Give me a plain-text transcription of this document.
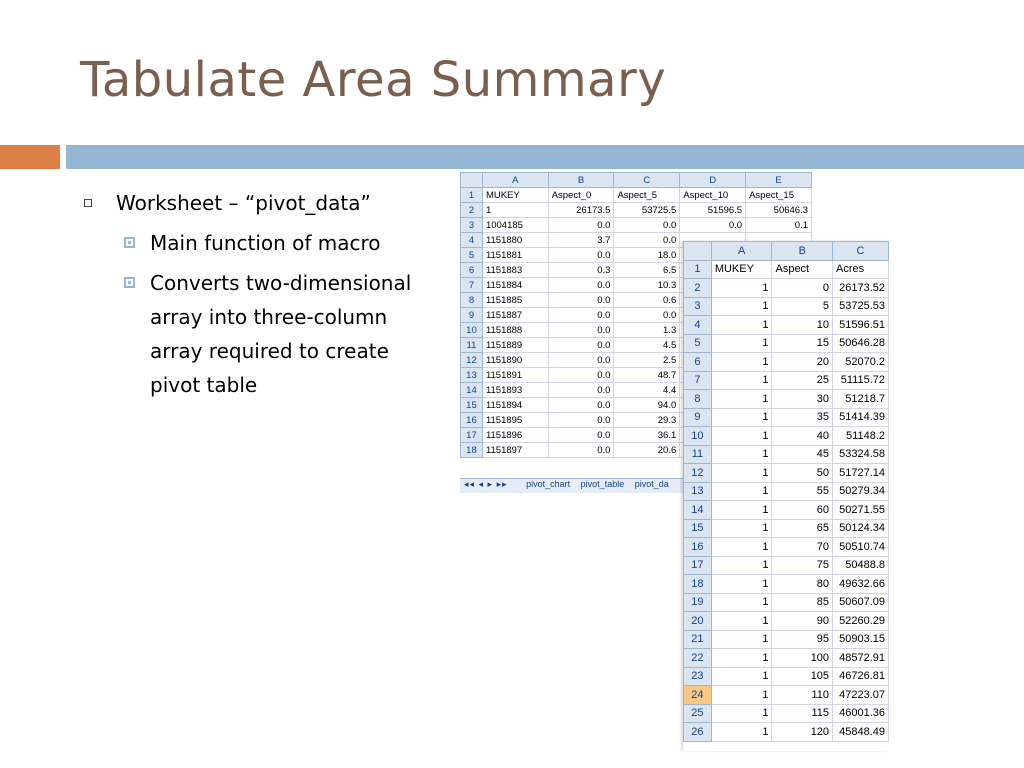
Tabulate Area Summary
Worksheet – “pivot_data”
Main function of macro
Converts two-dimensional array into three-column array required to create pivot table
	A	B	C	D	E
1	MUKEY	Aspect_0	Aspect_5	Aspect_10	Aspect_15
2	1	26173.5	53725.5	51596.5	50646.3
3	1004185	0.0	0.0	0.0	0.1
4	1151880	3.7	0.0		
5	1151881	0.0	18.0		
6	1151883	0.3	6.5		
7	1151884	0.0	10.3		
8	1151885	0.0	0.6		
9	1151887	0.0	0.0		
10	1151888	0.0	1.3		
11	1151889	0.0	4.5		
12	1151890	0.0	2.5		
13	1151891	0.0	48.7		
14	1151893	0.0	4.4		
15	1151894	0.0	94.0		
16	1151895	0.0	29.3		
17	1151896	0.0	36.1		
18	1151897	0.0	20.6		
◂◂ ◂ ▸ ▸▸ pivot_chart pivot_table pivot_da
	A	B	C
1	MUKEY	Aspect	Acres
2	1	0	26173.52
3	1	5	53725.53
4	1	10	51596.51
5	1	15	50646.28
6	1	20	52070.2
7	1	25	51115.72
8	1	30	51218.7
9	1	35	51414.39
10	1	40	51148.2
11	1	45	53324.58
12	1	50	51727.14
13	1	55	50279.34
14	1	60	50271.55
15	1	65	50124.34
16	1	70	50510.74
17	1	75	50488.8
18	1	80	49632.66
19	1	85	50607.09
20	1	90	52260.29
21	1	95	50903.15
22	1	100	48572.91
23	1	105	46726.81
24	1	110	47223.07
25	1	115	46001.36
26	1	120	45848.49
